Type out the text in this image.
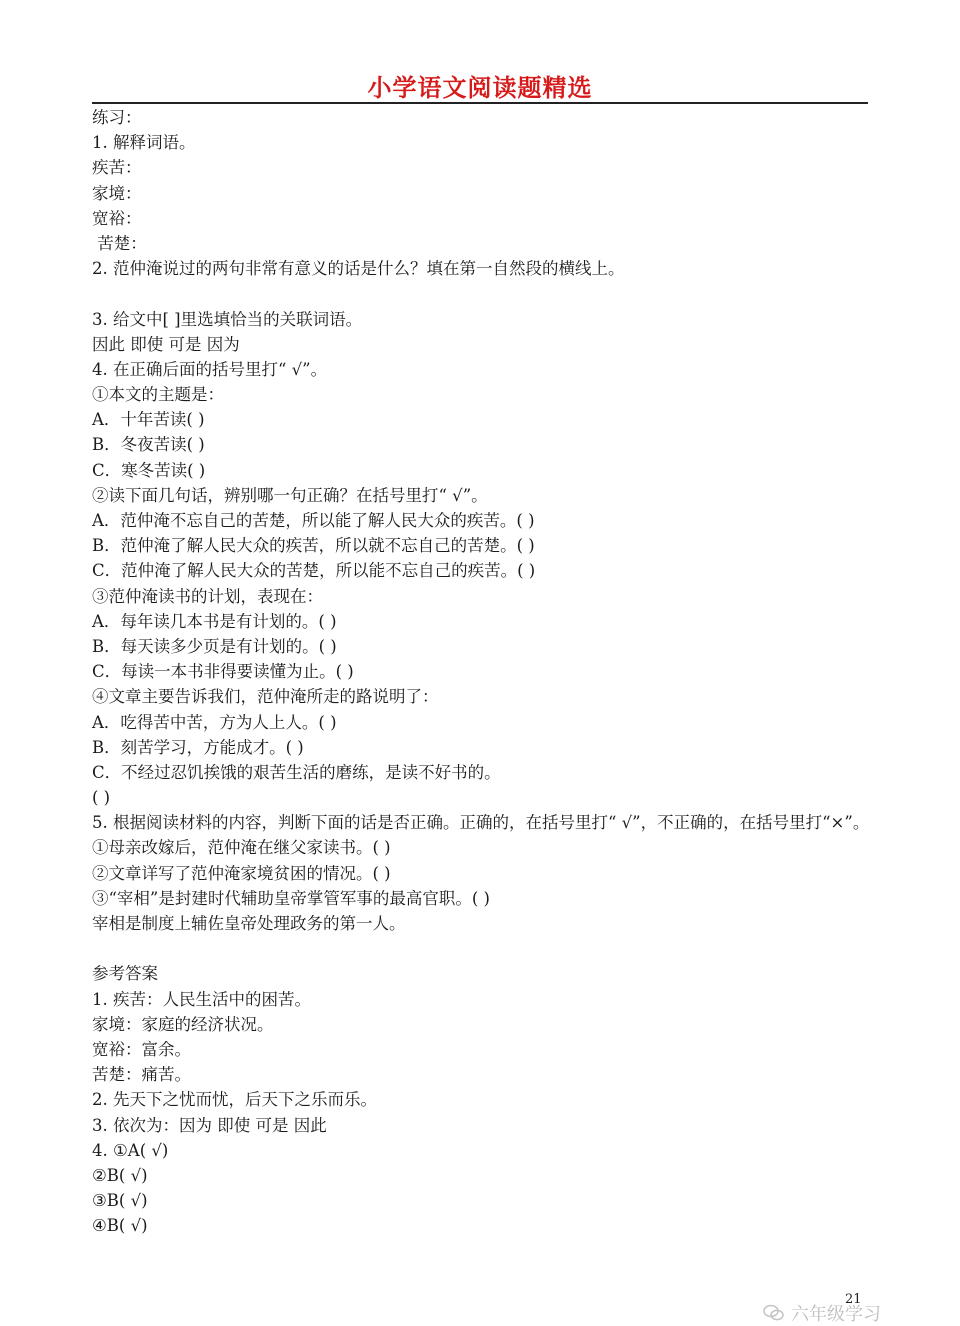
小学语文阅读题精选
练习：
1. 解释词语。
疾苦：
家境：
宽裕：
苦楚：
2. 范仲淹说过的两句非常有意义的话是什么？填在第一自然段的横线上。
3. 给文中[ ]里选填恰当的关联词语。
因此 即使 可是 因为
4. 在正确后面的括号里打“ √”。
①本文的主题是：
A．十年苦读( )
B．冬夜苦读( )
C．寒冬苦读( )
②读下面几句话，辨别哪一句正确？在括号里打“ √”。
A．范仲淹不忘自己的苦楚，所以能了解人民大众的疾苦。( )
B．范仲淹了解人民大众的疾苦，所以就不忘自己的苦楚。( )
C．范仲淹了解人民大众的苦楚，所以能不忘自己的疾苦。( )
③范仲淹读书的计划，表现在：
A．每年读几本书是有计划的。( )
B．每天读多少页是有计划的。( )
C．每读一本书非得要读懂为止。( )
④文章主要告诉我们，范仲淹所走的路说明了：
A．吃得苦中苦，方为人上人。( )
B．刻苦学习，方能成才。( )
C．不经过忍饥挨饿的艰苦生活的磨练，是读不好书的。
( )
5. 根据阅读材料的内容，判断下面的话是否正确。正确的，在括号里打“ √”，不正确的，在括号里打“×”。
①母亲改嫁后，范仲淹在继父家读书。( )
②文章详写了范仲淹家境贫困的情况。( )
③“宰相”是封建时代辅助皇帝掌管军事的最高官职。( )
宰相是制度上辅佐皇帝处理政务的第一人。
参考答案
1. 疾苦：人民生活中的困苦。
家境：家庭的经济状况。
宽裕：富余。
苦楚：痛苦。
2. 先天下之忧而忧，后天下之乐而乐。
3. 依次为：因为 即使 可是 因此
4. ①A( √)
②B( √)
③B( √)
④B( √)
21
六年级学习
